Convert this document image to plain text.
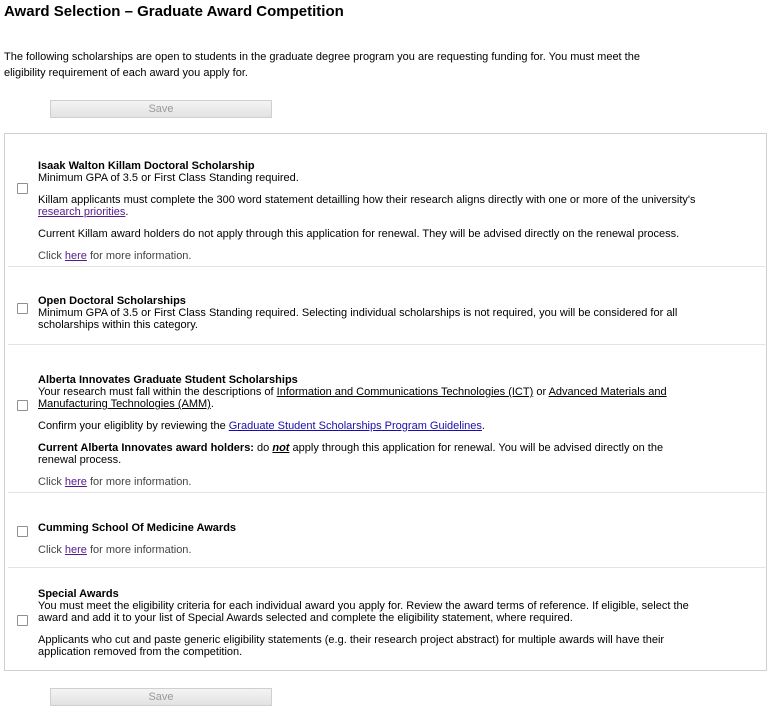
Award Selection – Graduate Award Competition
The following scholarships are open to students in the graduate degree program you are requesting funding for. You must meet the eligibility requirement of each award you apply for.
Save
Isaak Walton Killam Doctoral Scholarship

Minimum GPA of 3.5 or First Class Standing required.

Killam applicants must complete the 300 word statement detailling how their research aligns directly with one or more of the university's
research priorities.

Current Killam award holders do not apply through this application for renewal. They will be advised directly on the renewal process.

Click here for more information.

Open Doctoral Scholarships

Minimum GPA of 3.5 or First Class Standing required. Selecting individual scholarships is not required, you will be considered for all scholarships within this category.

Alberta Innovates Graduate Student Scholarships

Your research must fall within the descriptions of Information and Communications Technologies (ICT) or Advanced Materials and Manufacturing Technologies (AMM).

Confirm your eligiblity by reviewing the Graduate Student Scholarships Program Guidelines.

Current Alberta Innovates award holders: do not apply through this application for renewal. You will be advised directly on the renewal process.

Click here for more information.

Cumming School Of Medicine Awards

Click here for more information.

Special Awards

You must meet the eligibility criteria for each individual award you apply for. Review the award terms of reference. If eligible, select the award and add it to your list of Special Awards selected and complete the eligibility statement, where required.

Applicants who cut and paste generic eligibility statements (e.g. their research project abstract) for multiple awards will have their application removed from the competition.

Save
